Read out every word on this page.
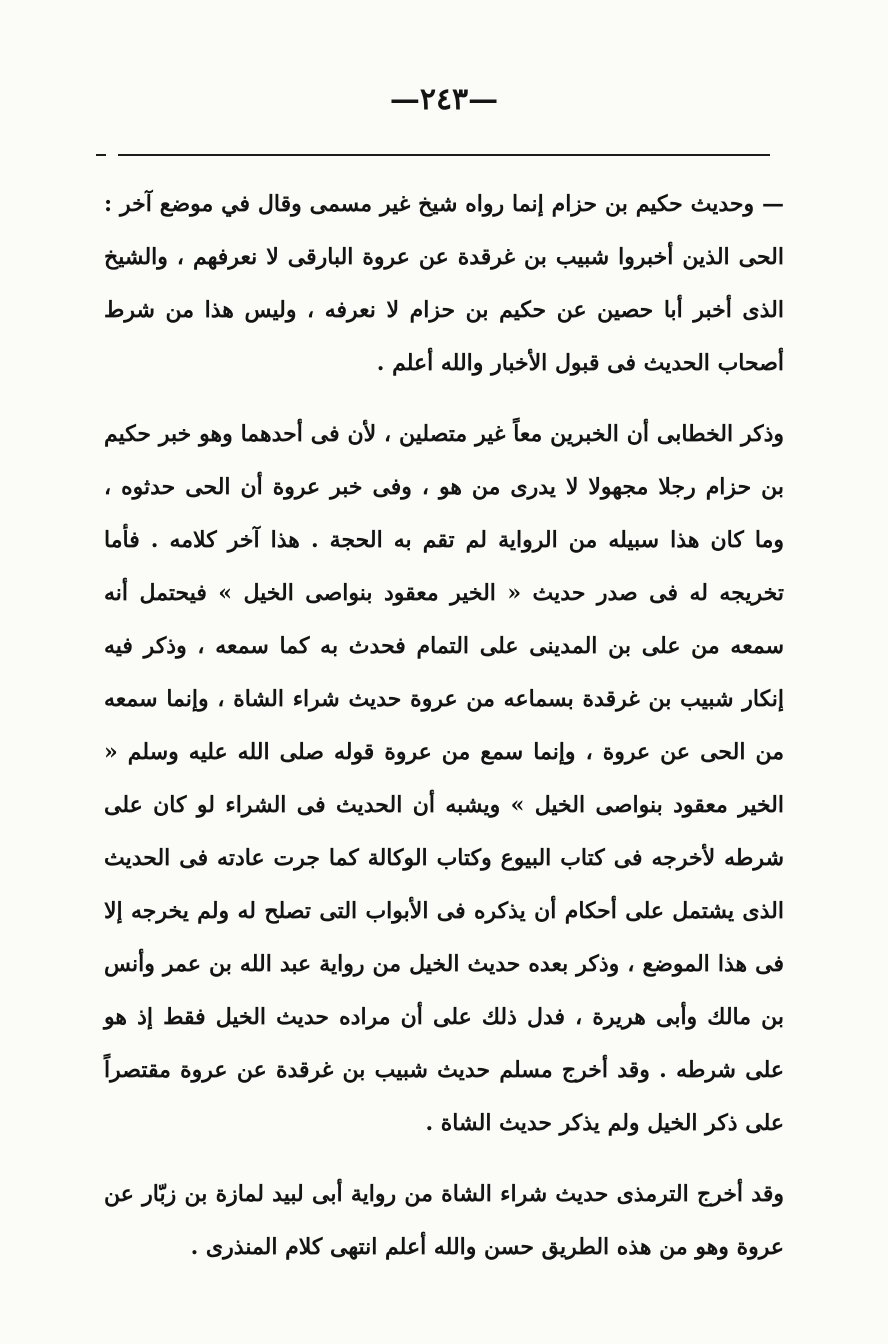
—٢٤٣—

— وحديث حكيم بن حزام إنما رواه شيخ غير مسمى وقال في موضع آخر : الحى الذين أخبروا شبيب بن غرقدة عن عروة البارقى لا نعرفهم ، والشيخ الذى أخبر أبا حصين عن حكيم بن حزام لا نعرفه ، وليس هذا من شرط أصحاب الحديث فى قبول الأخبار والله أعلم .

وذكر الخطابى أن الخبرين معاً غير متصلين ، لأن فى أحدهما وهو خبر حكيم بن حزام رجلا مجهولا لا يدرى من هو ، وفى خبر عروة أن الحى حدثوه ، وما كان هذا سبيله من الرواية لم تقم به الحجة . هذا آخر كلامه . فأما تخريجه له فى صدر حديث « الخير معقود بنواصى الخيل » فيحتمل أنه سمعه من على بن المدينى على التمام فحدث به كما سمعه ، وذكر فيه إنكار شبيب بن غرقدة بسماعه من عروة حديث شراء الشاة ، وإنما سمعه من الحى عن عروة ، وإنما سمع من عروة قوله صلى الله عليه وسلم « الخير معقود بنواصى الخيل » ويشبه أن الحديث فى الشراء لو كان على شرطه لأخرجه فى كتاب البيوع وكتاب الوكالة كما جرت عادته فى الحديث الذى يشتمل على أحكام أن يذكره فى الأبواب التى تصلح له ولم يخرجه إلا فى هذا الموضع ، وذكر بعده حديث الخيل من رواية عبد الله بن عمر وأنس بن مالك وأبى هريرة ، فدل ذلك على أن مراده حديث الخيل فقط إذ هو على شرطه . وقد أخرج مسلم حديث شبيب بن غرقدة عن عروة مقتصراً على ذكر الخيل ولم يذكر حديث الشاة .

وقد أخرج الترمذى حديث شراء الشاة من رواية أبى لبيد لمازة بن زبّار عن عروة وهو من هذه الطريق حسن والله أعلم انتهى كلام المنذرى .
